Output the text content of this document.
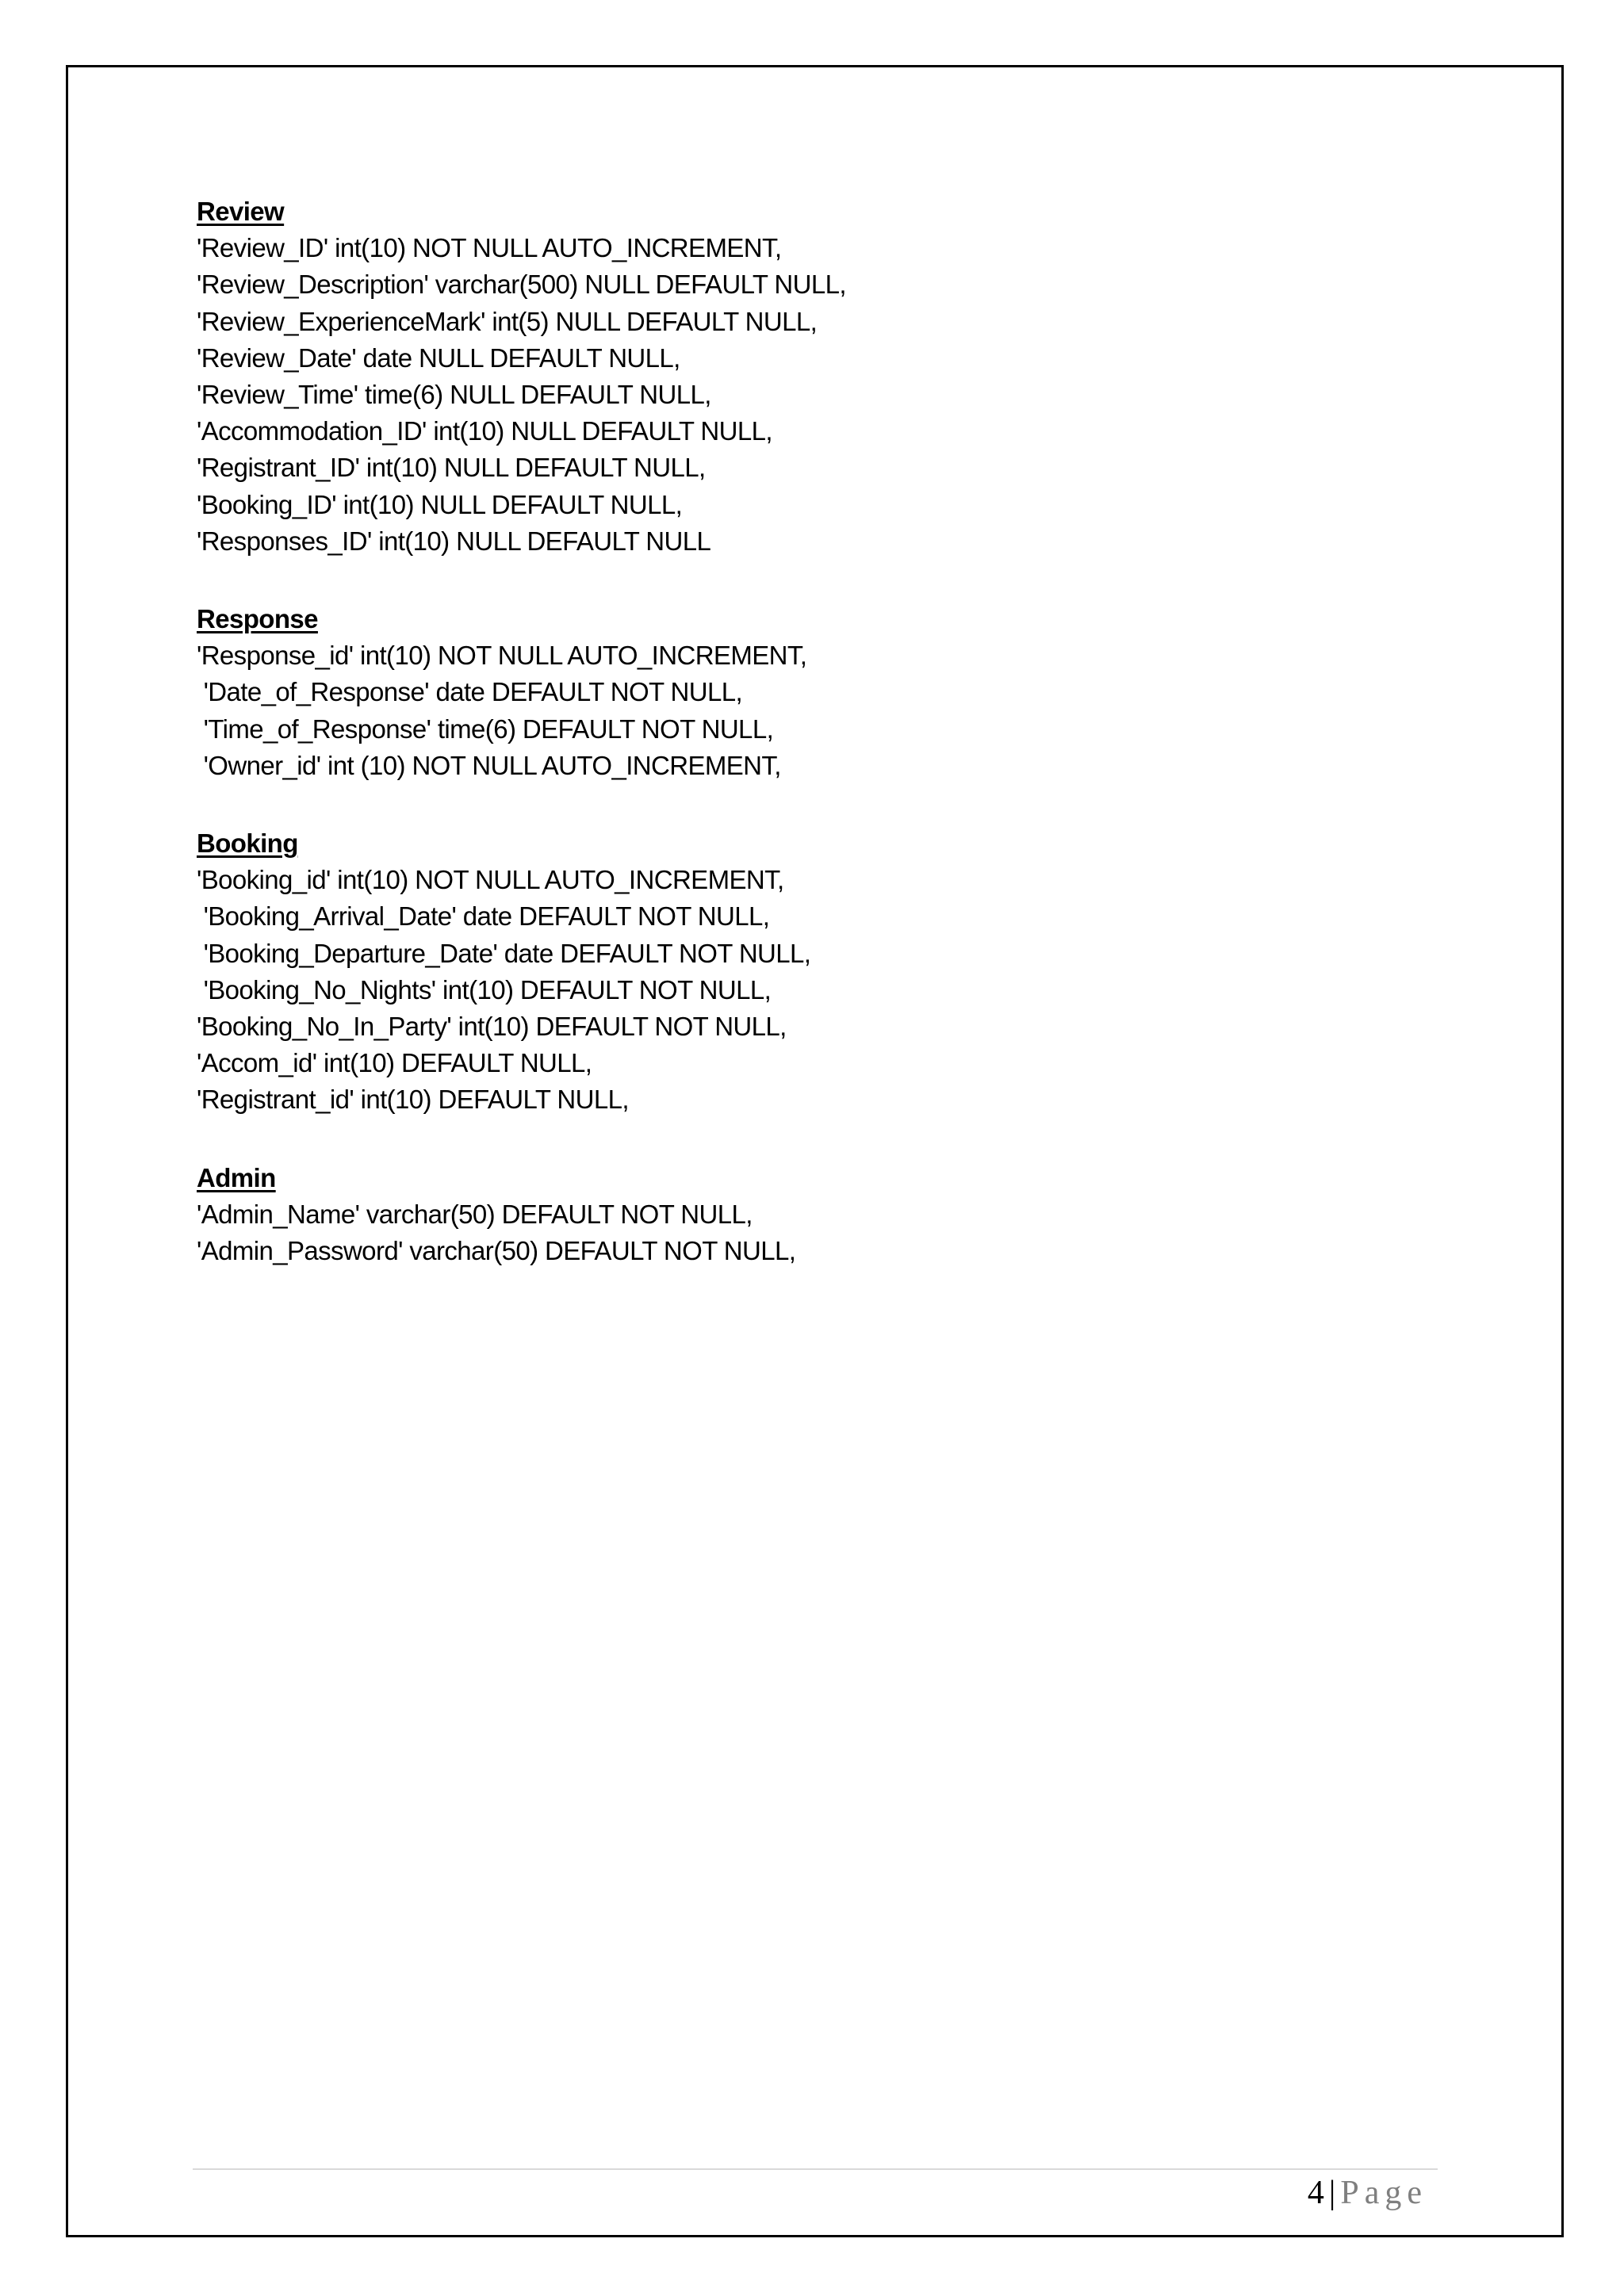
Review
'Review_ID' int(10) NOT NULL AUTO_INCREMENT,
'Review_Description' varchar(500) NULL DEFAULT NULL,
'Review_ExperienceMark' int(5) NULL DEFAULT NULL,
'Review_Date' date NULL DEFAULT NULL,
'Review_Time' time(6) NULL DEFAULT NULL,
'Accommodation_ID' int(10) NULL DEFAULT NULL,
'Registrant_ID' int(10) NULL DEFAULT NULL,
'Booking_ID' int(10) NULL DEFAULT NULL,
'Responses_ID' int(10) NULL DEFAULT NULL
Response
'Response_id' int(10) NOT NULL AUTO_INCREMENT,
'Date_of_Response' date DEFAULT NOT NULL,
'Time_of_Response' time(6) DEFAULT NOT NULL,
'Owner_id' int (10) NOT NULL AUTO_INCREMENT,
Booking
'Booking_id' int(10) NOT NULL AUTO_INCREMENT,
'Booking_Arrival_Date' date DEFAULT NOT NULL,
'Booking_Departure_Date' date DEFAULT NOT NULL,
'Booking_No_Nights' int(10) DEFAULT NOT NULL,
'Booking_No_In_Party' int(10) DEFAULT NOT NULL,
'Accom_id' int(10) DEFAULT NULL,
'Registrant_id' int(10) DEFAULT NULL,
Admin
'Admin_Name' varchar(50) DEFAULT NOT NULL,
'Admin_Password' varchar(50) DEFAULT NOT NULL,
4 | Page
